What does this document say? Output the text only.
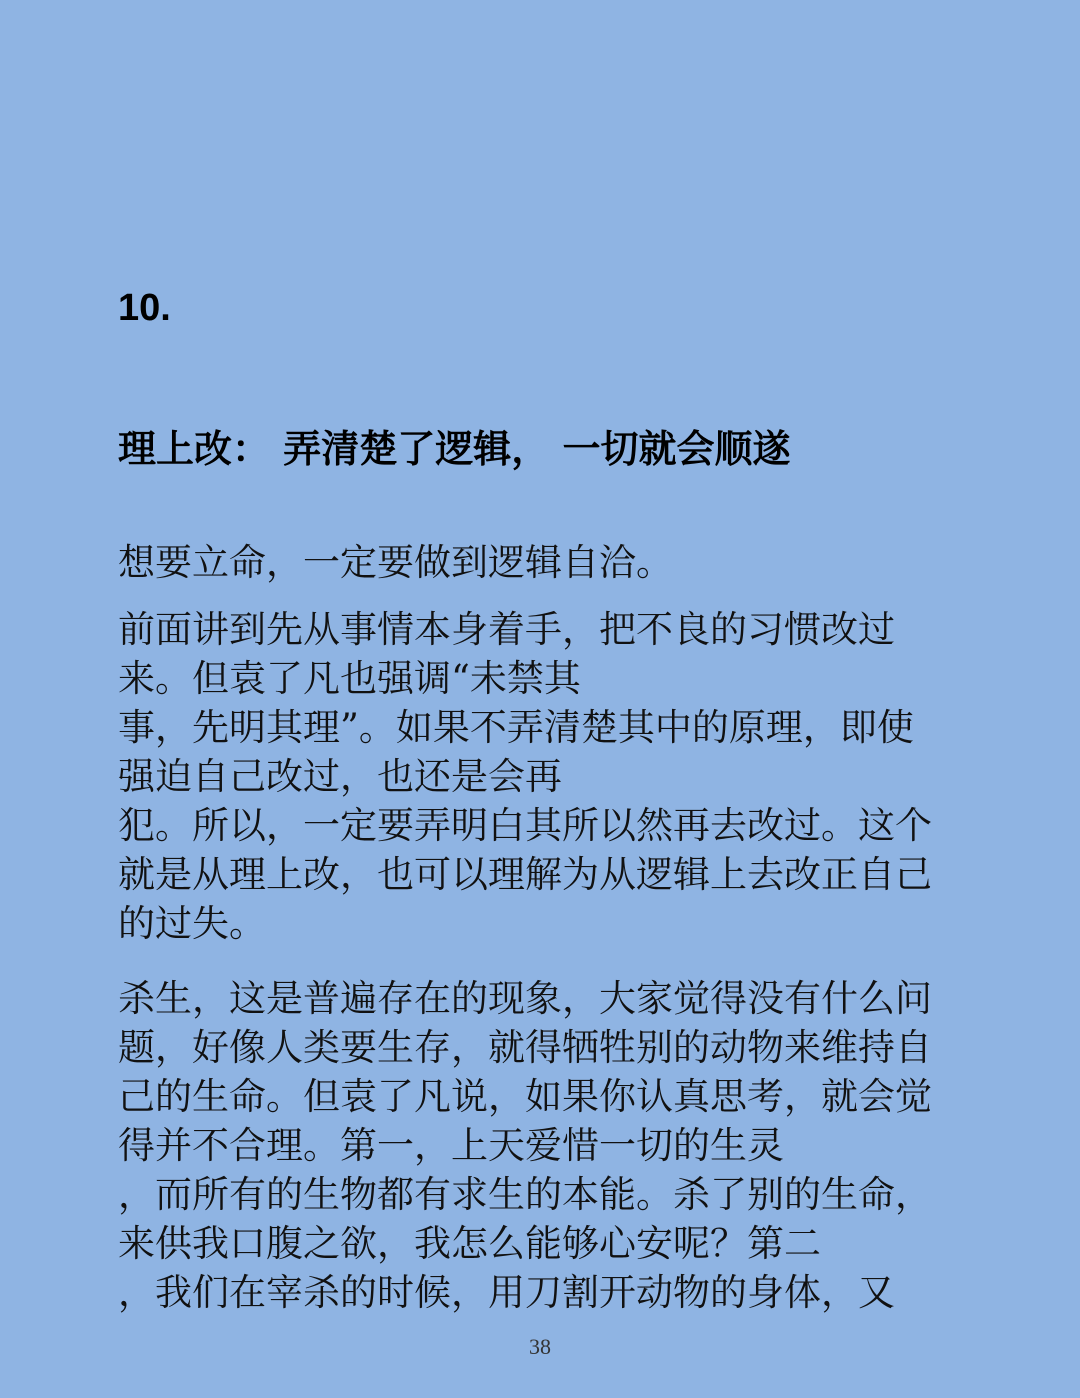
10.
理上改： 弄清楚了逻辑， 一切就会顺遂

想要立命，一定要做到逻辑自洽。

前面讲到先从事情本身着手，把不良的习惯改过来。但袁了凡也强调“未禁其
事，先明其理”。如果不弄清楚其中的原理，即使强迫自己改过，也还是会再
犯。所以，一定要弄明白其所以然再去改过。这个就是从理上改，也可以理解为从逻辑上去改正自己的过失。

杀生，这是普遍存在的现象，大家觉得没有什么问题，好像人类要生存，就得牺牲别的动物来维持自己的生命。但袁了凡说，如果你认真思考，就会觉得并不合理。第一，上天爱惜一切的生灵
，而所有的生物都有求生的本能。杀了别的生命，来供我口腹之欲，我怎么能够心安呢？第二
，我们在宰杀的时候，用刀割开动物的身体，又

38
